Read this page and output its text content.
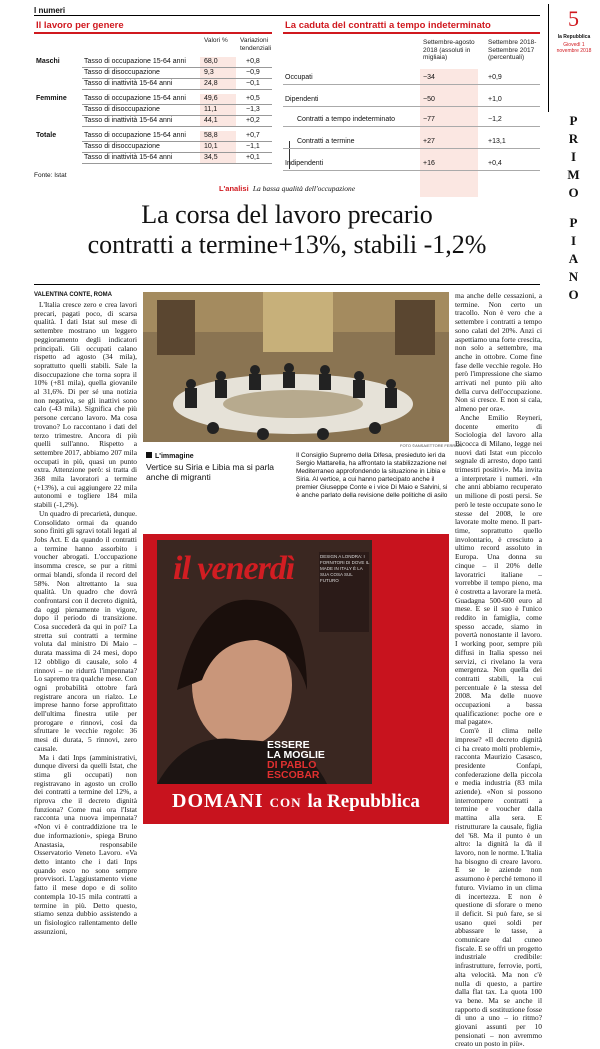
I numeri	5
la Repubblica
Giovedì 1 novembre 2018
P
R
I
M
O
P
I
A
N
O
Il lavoro per genere
Valori % Variazioni tendenziali
Maschi	Tasso di occupazione 15-64 anni	68,0	+0,8
Tasso di disoccupazione	9,3	−0,9
Tasso di inattività 15-64 anni	24,8	−0,1
Femmine Tasso di occupazione 15-64 anni	49,6	+0,5
Tasso di disoccupazione	11,1	−1,3
Tasso di inattività 15-64 anni	44,1	+0,2
Totale	Tasso di occupazione 15-64 anni	58,8	+0,7
Tasso di disoccupazione	10,1	−1,1
Tasso di inattività 15-64 anni	34,5	+0,1
Fonte: Istat
La caduta del contratti a tempo indeterminato
Settembre-agosto 2018 (assoluti in migliaia)
Settembre 2018-Settembre 2017 (percentuali)
Occupati	−34	+0,9
Dipendenti	−50	+1,0
Contratti a tempo indeterminato	−77	−1,2
Contratti a termine	+27	+13,1
Indipendenti	+16	+0,4
L'analisi La bassa qualità dell'occupazione
La corsa del lavoro precario
contratti a termine+13%, stabili -1,2%
VALENTINA CONTE, ROMA

L'Italia cresce zero e crea lavori precari, pagati poco, di scarsa qualità. I dati Istat sul mese di settembre mostrano un leggero peggioramento degli indicatori principali. Gli occupati calano rispetto ad agosto (34 mila), soprattutto quelli stabili. Sale la disoccupazione che torna sopra il 10% (+81 mila), quella giovanile al 31,6%. Di per sé una notizia non negativa, se gli inattivi sono calo (-43 mila). Significa che più persone cercano lavoro. Ma cosa trovano? Lo raccontano i dati del terzo trimestre. Ancora di più quelli sull'anno. Rispetto a settembre 2017, abbiamo 207 mila occupati in più, quasi un punto extra. Attenzione però: si tratta di 368 mila lavoratori a termine (+13%), a cui aggiungere 22 mila autonomi e togliere 184 mila stabili (-1,2%).

Un quadro di precarietà, dunque. Consolidato ormai da quando sono finiti gli sgravi totali legati al Jobs Act. E da quando il contratti a termine hanno assorbito i voucher abrogati. L'occupazione insomma cresce, se pur a ritmi ormai blandi, sfonda il record del 58%. Non altrettanto la sua qualità. Un quadro che dovrà confrontarsi con il decreto dignità, da oggi pienamente in vigore, dopo il periodo di transizione. Cosa succederà da qui in poi? La stretta sui contratti a termine voluta dal ministro Di Maio – durata massima di 24 mesi, dopo 12 obbligo di causale, solo 4 rinnovi – ne ridurrà l'impennata? Lo sapremo tra qualche mese. Con ogni probabilità ottobre farà registrare ancora un rialzo. Le imprese hanno forse approfittato dell'ultima finestra utile per prorogare e rinnovi, così da sfruttare le vecchie regole: 36 mesi di durata, 5 rinnovi, zero causale.

Ma i dati Inps (amministrativi, dunque diversi da quelli Istat, che stima gli occupati) non registravano in agosto un crollo dei contratti a termine del 12%, a riprova che il decreto dignità funziona? Come mai ora l'Istat racconta una nuova impennata? «Non vi è contraddizione tra le due informazioni», spiega Bruno Anastasia, responsabile Osservatorio Veneto Lavoro. «Va detto intanto che i dati Inps quando esco no sono sempre provvisori. L'aggiustamento viene fatto il mese dopo e di solito contempla 10-15 mila contratti a termine in più. Detto questo, stiamo senza dubbio assistendo a un fisiologico rallentamento delle assunzioni,

FOTO ©ANSA/ETTORE FERRARI
L'immagine
Vertice su Siria e Libia ma si parla anche di migranti
Il Consiglio Supremo della Difesa, presieduto ieri da Sergio Mattarella, ha affrontato la stabilizzazione nel Mediterraneo approfondendo la situazione in Libia e Siria. Al vertice, a cui hanno partecipato anche il premier Giuseppe Conte e i vice Di Maio e Salvini, si è anche parlato della revisione delle politiche di asilo
il venerdì	DESIGN A LONDRA: I FORNITORI DI DOVE IL MADE IN ITALY È LA SUA COSA SUL FUTURO
ESSERE
LA MOGLIE
DI PABLO
ESCOBAR
DOMANI CON la Repubblica

ma anche delle cessazioni, a termine. Non certo un tracollo. Non è vero che a settembre i contratti a tempo sono calati del 20%. Anzi ci aspettiamo una forte crescita, non solo a settembre, ma anche in ottobre. Come fine fase delle vecchie regole. Ho però l'impressione che siamo arrivati nel punto più alto della curva dell'occupazione. Non si cresce. E non si cala, almeno per ora».

Anche Emilio Reyneri, docente emerito di Sociologia del lavoro alla Bicocca di Milano, legge nei nuovi dati Istat «un piccolo segnale di arresto, dopo tanti trimestri positivi». Ma invita a interpretare i numeri. «In che anni abbiamo recuperato un milione di posti persi. Se però le teste occupate sono le stesse del 2008, le ore lavorate molte meno. Il part-time, soprattutto quello involontario, è cresciuto a ultimo record assoluto in Europa. Una donna su cinque – il 20% delle lavoratrici italiane – vorrebbe il tempo pieno, ma è costretta a lavorare la metà. Guadagna 500-600 euro al mese. E se il suo è l'unico reddito in famiglia, come spesso accade, siamo in povertà nonostante il lavoro. I working poor, sempre più diffusi in Italia spesso nei servizi, ci rivelano la vera emergenza. Non quella dei contratti stabili, la cui percentuale è la stessa del 2008. Ma delle nuove occupazioni a bassa qualificazione: poche ore e mal pagate».

Com'è il clima nelle imprese? «Il decreto dignità ci ha creato molti problemi», racconta Maurizio Casasco, presidente Confapi, confederazione della piccola e media industria (83 mila aziende). «Non si possono interrompere contratti a termine e voucher dalla mattina alla sera. E ristrutturare la causale, figlia del '68. Ma il punto è un altro: la dignità la dà il lavoro, non le norme. L'Italia ha bisogno di creare lavoro. E se le aziende non assumono è perché temono il futuro. Viviamo in un clima di incertezza. E non è questione di sforare o meno il deficit. Si può fare, se si usano quei soldi per abbassare le tasse, a comunicare dal cuneo fiscale. E se offri un progetto industriale credibile: infrastrutture, ferrovie, porti, alta velocità. Ma non c'è nulla di questo, a partire dalla flat tax. La quota 100 va bene. Ma se anche il rapporto di sostituzione fosse di uno a uno – io ritmo? giovani assunti per 10 pensionati – non avremmo creato un posto in più».
